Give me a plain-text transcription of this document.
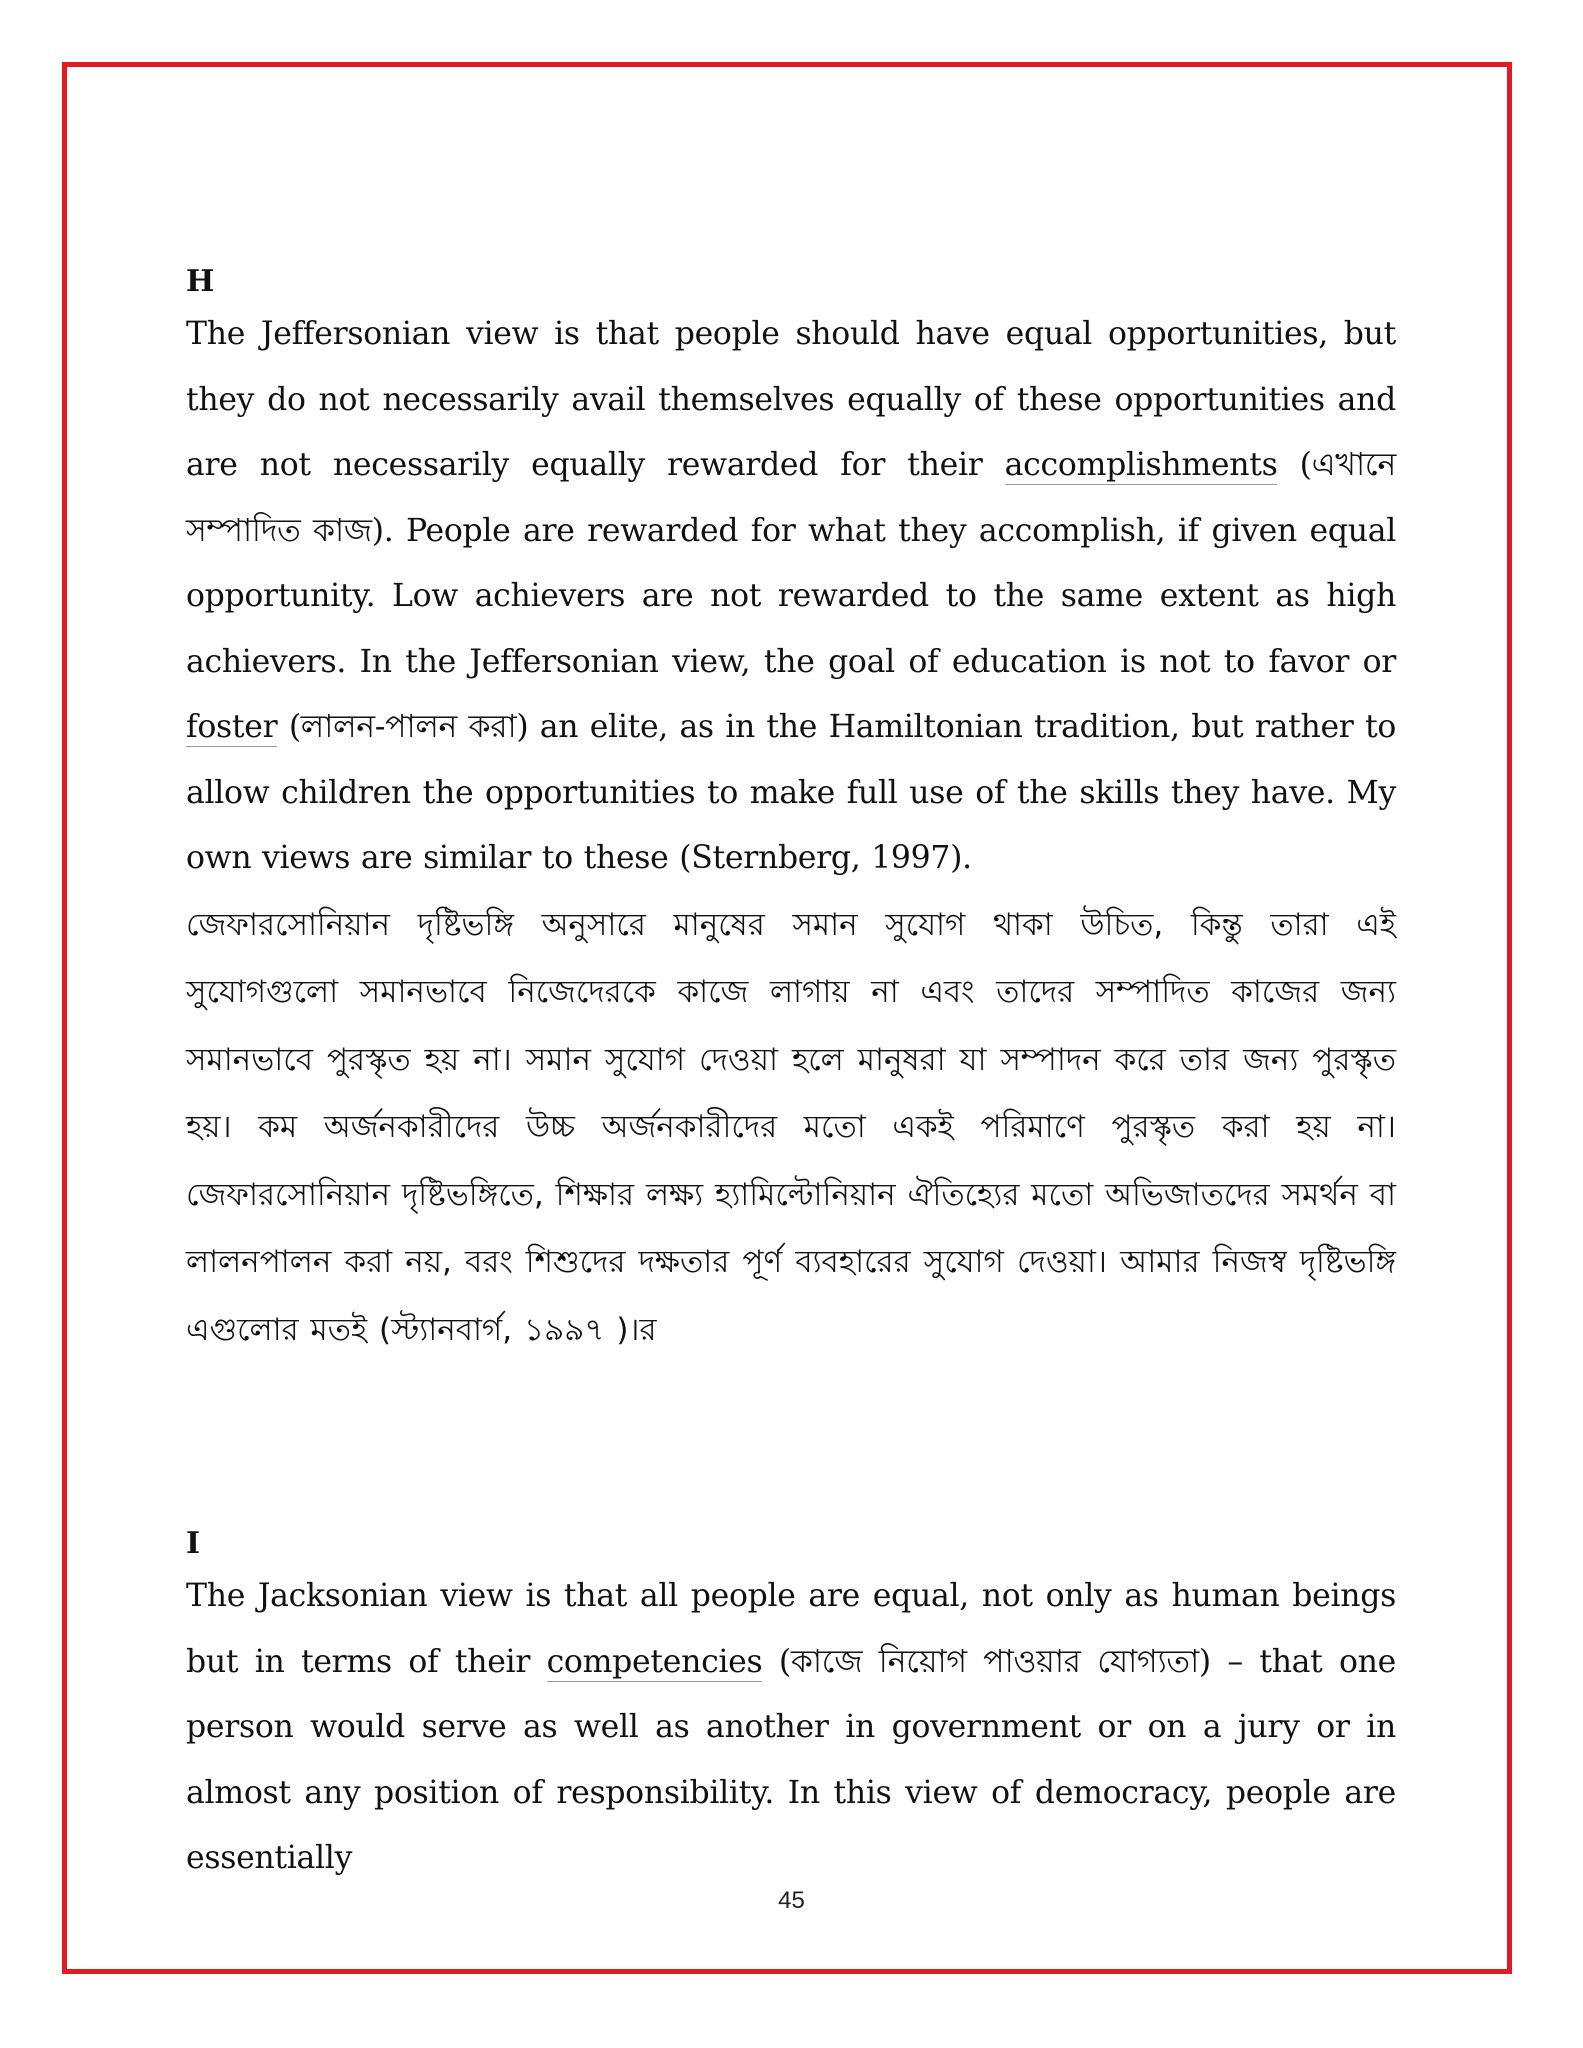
H
The Jeffersonian view is that people should have equal opportunities, but they do not necessarily avail themselves equally of these opportunities and are not necessarily equally rewarded for their accomplishments (এখানে সম্পাদিত কাজ). People are rewarded for what they accomplish, if given equal opportunity. Low achievers are not rewarded to the same extent as high achievers. In the Jeffersonian view, the goal of education is not to favor or foster (লালন-পালন করা) an elite, as in the Hamiltonian tradition, but rather to allow children the opportunities to make full use of the skills they have. My own views are similar to these (Sternberg, 1997).
জেফারসোনিয়ান দৃষ্টিভঙ্গি অনুসারে মানুষের সমান সুযোগ থাকা উচিত, কিন্তু তারা এই সুযোগগুলো সমানভাবে নিজেদেরকে কাজে লাগায় না এবং তাদের সম্পাদিত কাজের জন্য সমানভাবে পুরস্কৃত হয় না। সমান সুযোগ দেওয়া হলে মানুষরা যা সম্পাদন করে তার জন্য পুরস্কৃত হয়। কম অর্জনকারীদের উচ্চ অর্জনকারীদের মতো একই পরিমাণে পুরস্কৃত করা হয় না। জেফারসোনিয়ান দৃষ্টিভঙ্গিতে, শিক্ষার লক্ষ্য হ্যামিল্টোনিয়ান ঐতিহ্যের মতো অভিজাতদের সমর্থন বা লালনপালন করা নয়, বরং শিশুদের দক্ষতার পূর্ণ ব্যবহারের সুযোগ দেওয়া। আমার নিজস্ব দৃষ্টিভঙ্গি এগুলোর মতই (স্ট্যানবার্গ, ১৯৯৭ )।র
I
The Jacksonian view is that all people are equal, not only as human beings but in terms of their competencies (কাজে নিয়োগ পাওয়ার যোগ্যতা) – that one person would serve as well as another in government or on a jury or in almost any position of responsibility. In this view of democracy, people are essentially
45
